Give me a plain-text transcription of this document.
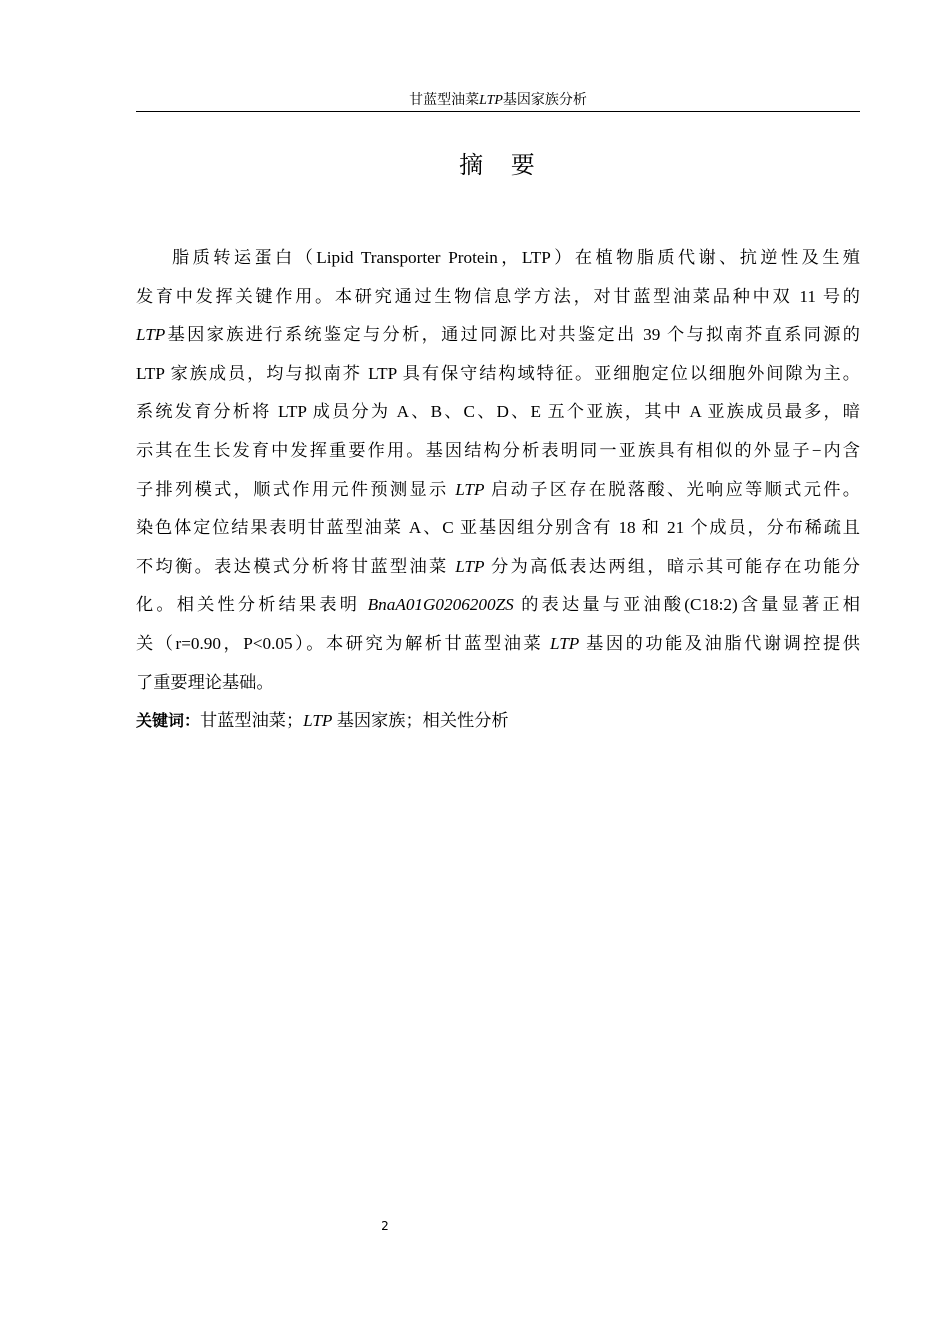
甘蓝型油菜LTP基因家族分析
摘 要
脂质转运蛋白（Lipid Transporter Protein，LTP）在植物脂质代谢、抗逆性及生殖
发育中发挥关键作用。本研究通过生物信息学方法，对甘蓝型油菜品种中双 11 号的
LTP基因家族进行系统鉴定与分析，通过同源比对共鉴定出 39 个与拟南芥直系同源的
LTP 家族成员，均与拟南芥 LTP 具有保守结构域特征。亚细胞定位以细胞外间隙为主。
系统发育分析将 LTP 成员分为 A、B、C、D、E 五个亚族，其中 A 亚族成员最多，暗
示其在生长发育中发挥重要作用。基因结构分析表明同一亚族具有相似的外显子−内含
子排列模式，顺式作用元件预测显示 LTP 启动子区存在脱落酸、光响应等顺式元件。
染色体定位结果表明甘蓝型油菜 A、C 亚基因组分别含有 18 和 21 个成员，分布稀疏且
不均衡。表达模式分析将甘蓝型油菜 LTP 分为高低表达两组，暗示其可能存在功能分
化。相关性分析结果表明 BnaA01G0206200ZS 的表达量与亚油酸(C18:2)含量显著正相
关（r=0.90，P<0.05）。本研究为解析甘蓝型油菜 LTP 基因的功能及油脂代谢调控提供
了重要理论基础。
关键词：甘蓝型油菜；LTP 基因家族；相关性分析
2
